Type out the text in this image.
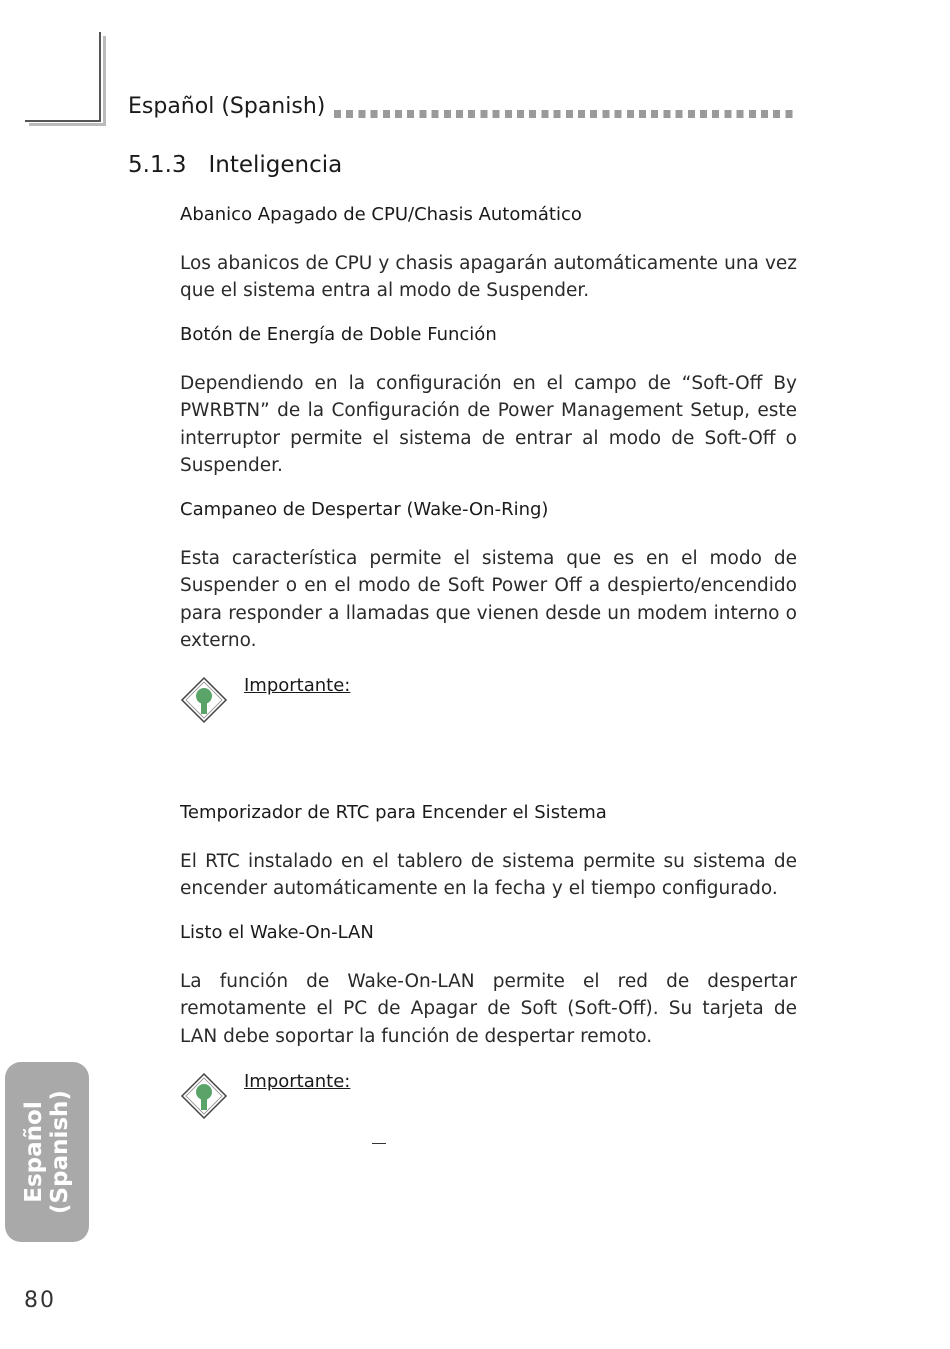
Español (Spanish)
5.1.3   Inteligencia
Abanico Apagado de CPU/Chasis Automático
Los abanicos de CPU y chasis apagarán automáticamente una vez que el sistema entra al modo de Suspender.
Botón de Energía de Doble Función
Dependiendo en la configuración en el campo de “Soft-Off By PWRBTN” de la Configuración de Power Management Setup, este interruptor permite el sistema de entrar al modo de Soft-Off o Suspender.
Campaneo de Despertar (Wake-On-Ring)
Esta característica permite el sistema que es en el modo de Suspender o en el modo de Soft Power Off a despierto/encendido para responder a llamadas que vienen desde un modem interno o externo.
Importante:
Temporizador de RTC para Encender el Sistema
El RTC instalado en el tablero de sistema permite su sistema de encender automáticamente en la fecha y el tiempo configurado.
Listo el Wake-On-LAN
La función de Wake-On-LAN permite el red de despertar remotamente el PC de Apagar de Soft (Soft-Off). Su tarjeta de LAN debe soportar la función de despertar remoto.
Importante:
Español (Spanish)
80
